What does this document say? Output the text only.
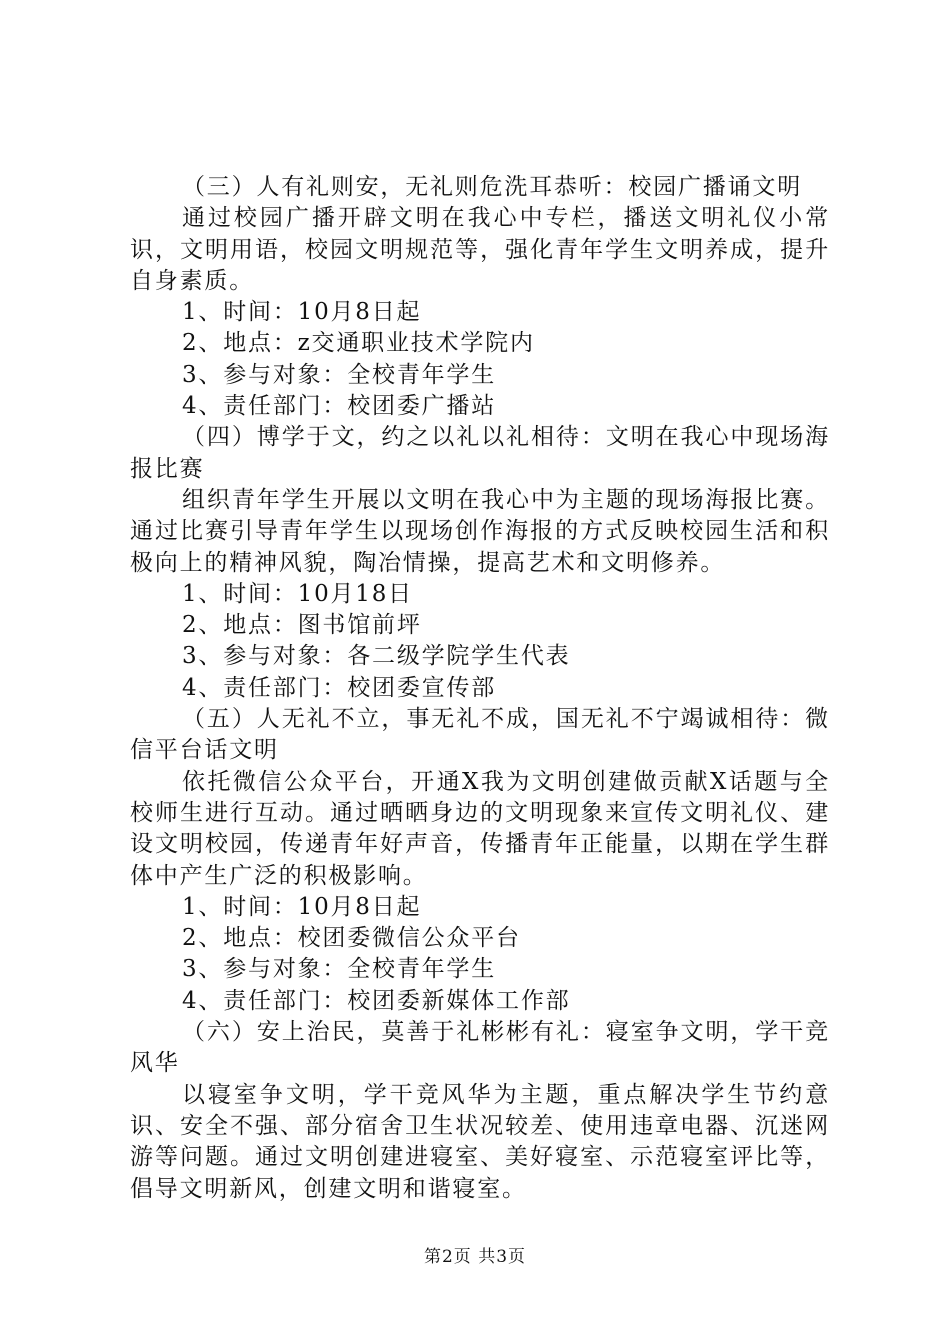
（三）人有礼则安，无礼则危洗耳恭听：校园广播诵文明

通过校园广播开辟文明在我心中专栏，播送文明礼仪小常识，文明用语，校园文明规范等，强化青年学生文明养成，提升自身素质。

1、时间：10月8日起

2、地点：z交通职业技术学院内

3、参与对象：全校青年学生

4、责任部门：校团委广播站

（四）博学于文，约之以礼以礼相待：文明在我心中现场海报比赛

组织青年学生开展以文明在我心中为主题的现场海报比赛。通过比赛引导青年学生以现场创作海报的方式反映校园生活和积极向上的精神风貌，陶冶情操，提高艺术和文明修养。

1、时间：10月18日

2、地点：图书馆前坪

3、参与对象：各二级学院学生代表

4、责任部门：校团委宣传部

（五）人无礼不立，事无礼不成，国无礼不宁竭诚相待：微信平台话文明

依托微信公众平台，开通X我为文明创建做贡献X话题与全校师生进行互动。通过晒晒身边的文明现象来宣传文明礼仪、建设文明校园，传递青年好声音，传播青年正能量，以期在学生群体中产生广泛的积极影响。

1、时间：10月8日起

2、地点：校团委微信公众平台

3、参与对象：全校青年学生

4、责任部门：校团委新媒体工作部

（六）安上治民，莫善于礼彬彬有礼：寝室争文明，学干竞风华

以寝室争文明，学干竞风华为主题，重点解决学生节约意识、安全不强、部分宿舍卫生状况较差、使用违章电器、沉迷网游等问题。通过文明创建进寝室、美好寝室、示范寝室评比等，倡导文明新风，创建文明和谐寝室。

第2页 共3页
